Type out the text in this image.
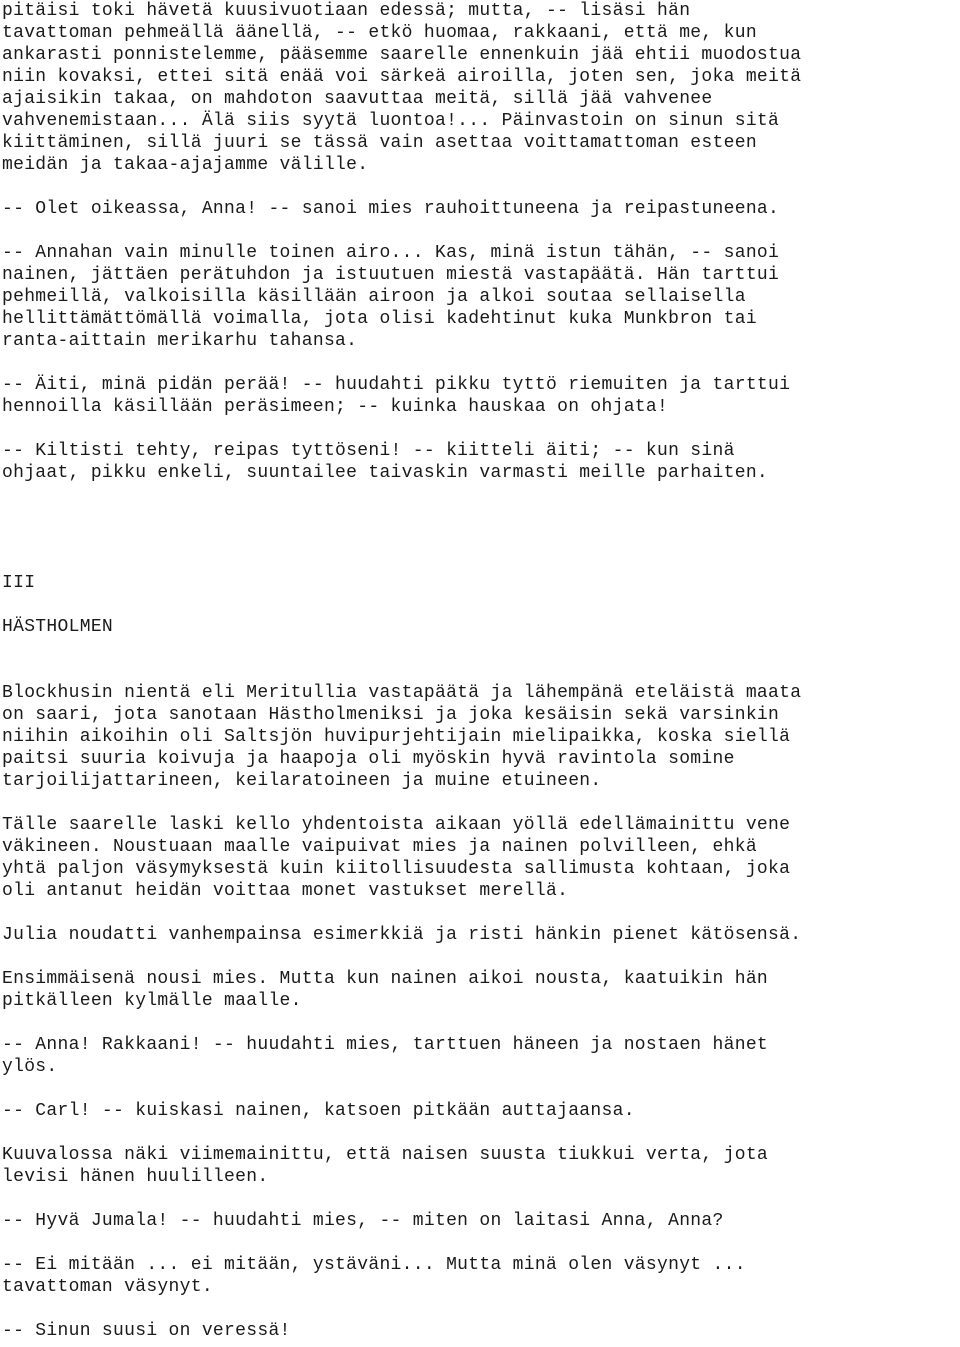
pitäisi toki hävetä kuusivuotiaan edessä; mutta, -- lisäsi hän
tavattoman pehmeällä äänellä, -- etkö huomaa, rakkaani, että me, kun
ankarasti ponnistelemme, pääsemme saarelle ennenkuin jää ehtii muodostua
niin kovaksi, ettei sitä enää voi särkeä airoilla, joten sen, joka meitä
ajaisikin takaa, on mahdoton saavuttaa meitä, sillä jää vahvenee
vahvenemistaan... Älä siis syytä luontoa!... Päinvastoin on sinun sitä
kiittäminen, sillä juuri se tässä vain asettaa voittamattoman esteen
meidän ja takaa-ajajamme välille.

-- Olet oikeassa, Anna! -- sanoi mies rauhoittuneena ja reipastuneena.

-- Annahan vain minulle toinen airo... Kas, minä istun tähän, -- sanoi
nainen, jättäen perätuhdon ja istuutuen miestä vastapäätä. Hän tarttui
pehmeillä, valkoisilla käsillään airoon ja alkoi soutaa sellaisella
hellittämättömällä voimalla, jota olisi kadehtinut kuka Munkbron tai
ranta-aittain merikarhu tahansa.

-- Äiti, minä pidän perää! -- huudahti pikku tyttö riemuiten ja tarttui
hennoilla käsillään peräsimeen; -- kuinka hauskaa on ohjata!

-- Kiltisti tehty, reipas tyttöseni! -- kiitteli äiti; -- kun sinä
ohjaat, pikku enkeli, suuntailee taivaskin varmasti meille parhaiten.

III

HÄSTHOLMEN

Blockhusin nientä eli Meritullia vastapäätä ja lähempänä eteläistä maata
on saari, jota sanotaan Hästholmeniksi ja joka kesäisin sekä varsinkin
niihin aikoihin oli Saltsjön huvipurjehtijain mielipaikka, koska siellä
paitsi suuria koivuja ja haapoja oli myöskin hyvä ravintola somine
tarjoilijattarineen, keilaratoineen ja muine etuineen.

Tälle saarelle laski kello yhdentoista aikaan yöllä edellämainittu vene
väkineen. Noustuaan maalle vaipuivat mies ja nainen polvilleen, ehkä
yhtä paljon väsymyksestä kuin kiitollisuudesta sallimusta kohtaan, joka
oli antanut heidän voittaa monet vastukset merellä.

Julia noudatti vanhempainsa esimerkkiä ja risti hänkin pienet kätösensä.

Ensimmäisenä nousi mies. Mutta kun nainen aikoi nousta, kaatuikin hän
pitkälleen kylmälle maalle.

-- Anna! Rakkaani! -- huudahti mies, tarttuen häneen ja nostaen hänet
ylös.

-- Carl! -- kuiskasi nainen, katsoen pitkään auttajaansa.

Kuuvalossa näki viimemainittu, että naisen suusta tiukkui verta, jota
levisi hänen huulilleen.

-- Hyvä Jumala! -- huudahti mies, -- miten on laitasi Anna, Anna?

-- Ei mitään ... ei mitään, ystäväni... Mutta minä olen väsynyt ...
tavattoman väsynyt.

-- Sinun suusi on veressä!
